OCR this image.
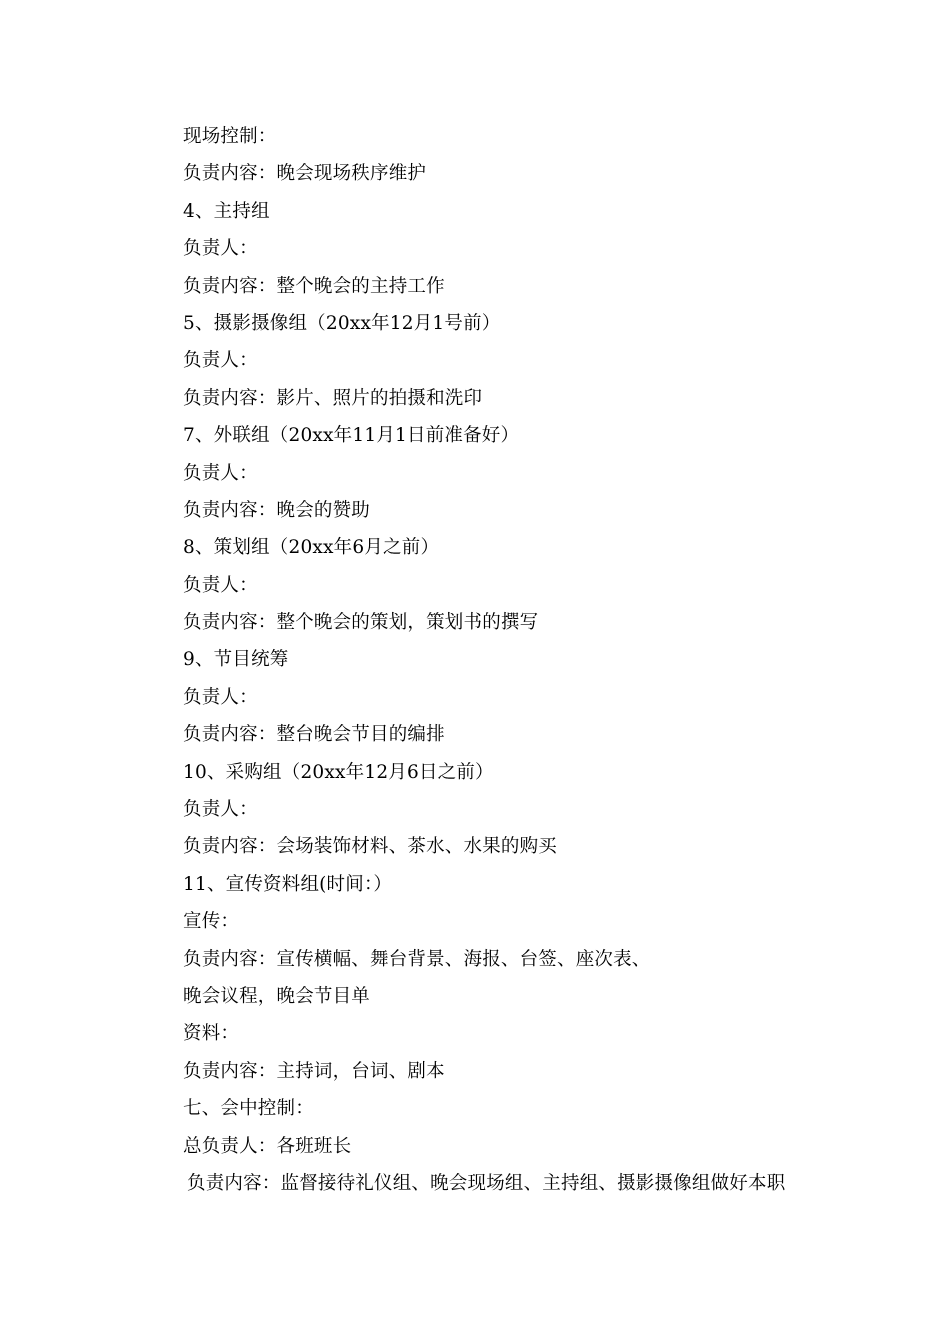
现场控制：
负责内容：晚会现场秩序维护
4、主持组
负责人：
负责内容：整个晚会的主持工作
5、摄影摄像组（20xx年12月1号前）
负责人：
负责内容：影片、照片的拍摄和洗印
7、外联组（20xx年11月1日前准备好）
负责人：
负责内容：晚会的赞助
8、策划组（20xx年6月之前）
负责人：
负责内容：整个晚会的策划，策划书的撰写
9、节目统筹
负责人：
负责内容：整台晚会节目的编排
10、采购组（20xx年12月6日之前）
负责人：
负责内容：会场装饰材料、茶水、水果的购买
11、宣传资料组(时间：）
宣传：
负责内容：宣传横幅、舞台背景、海报、台签、座次表、
晚会议程，晚会节目单
资料：
负责内容：主持词，台词、剧本
七、会中控制：
总负责人：各班班长
负责内容：监督接待礼仪组、晚会现场组、主持组、摄影摄像组做好本职
